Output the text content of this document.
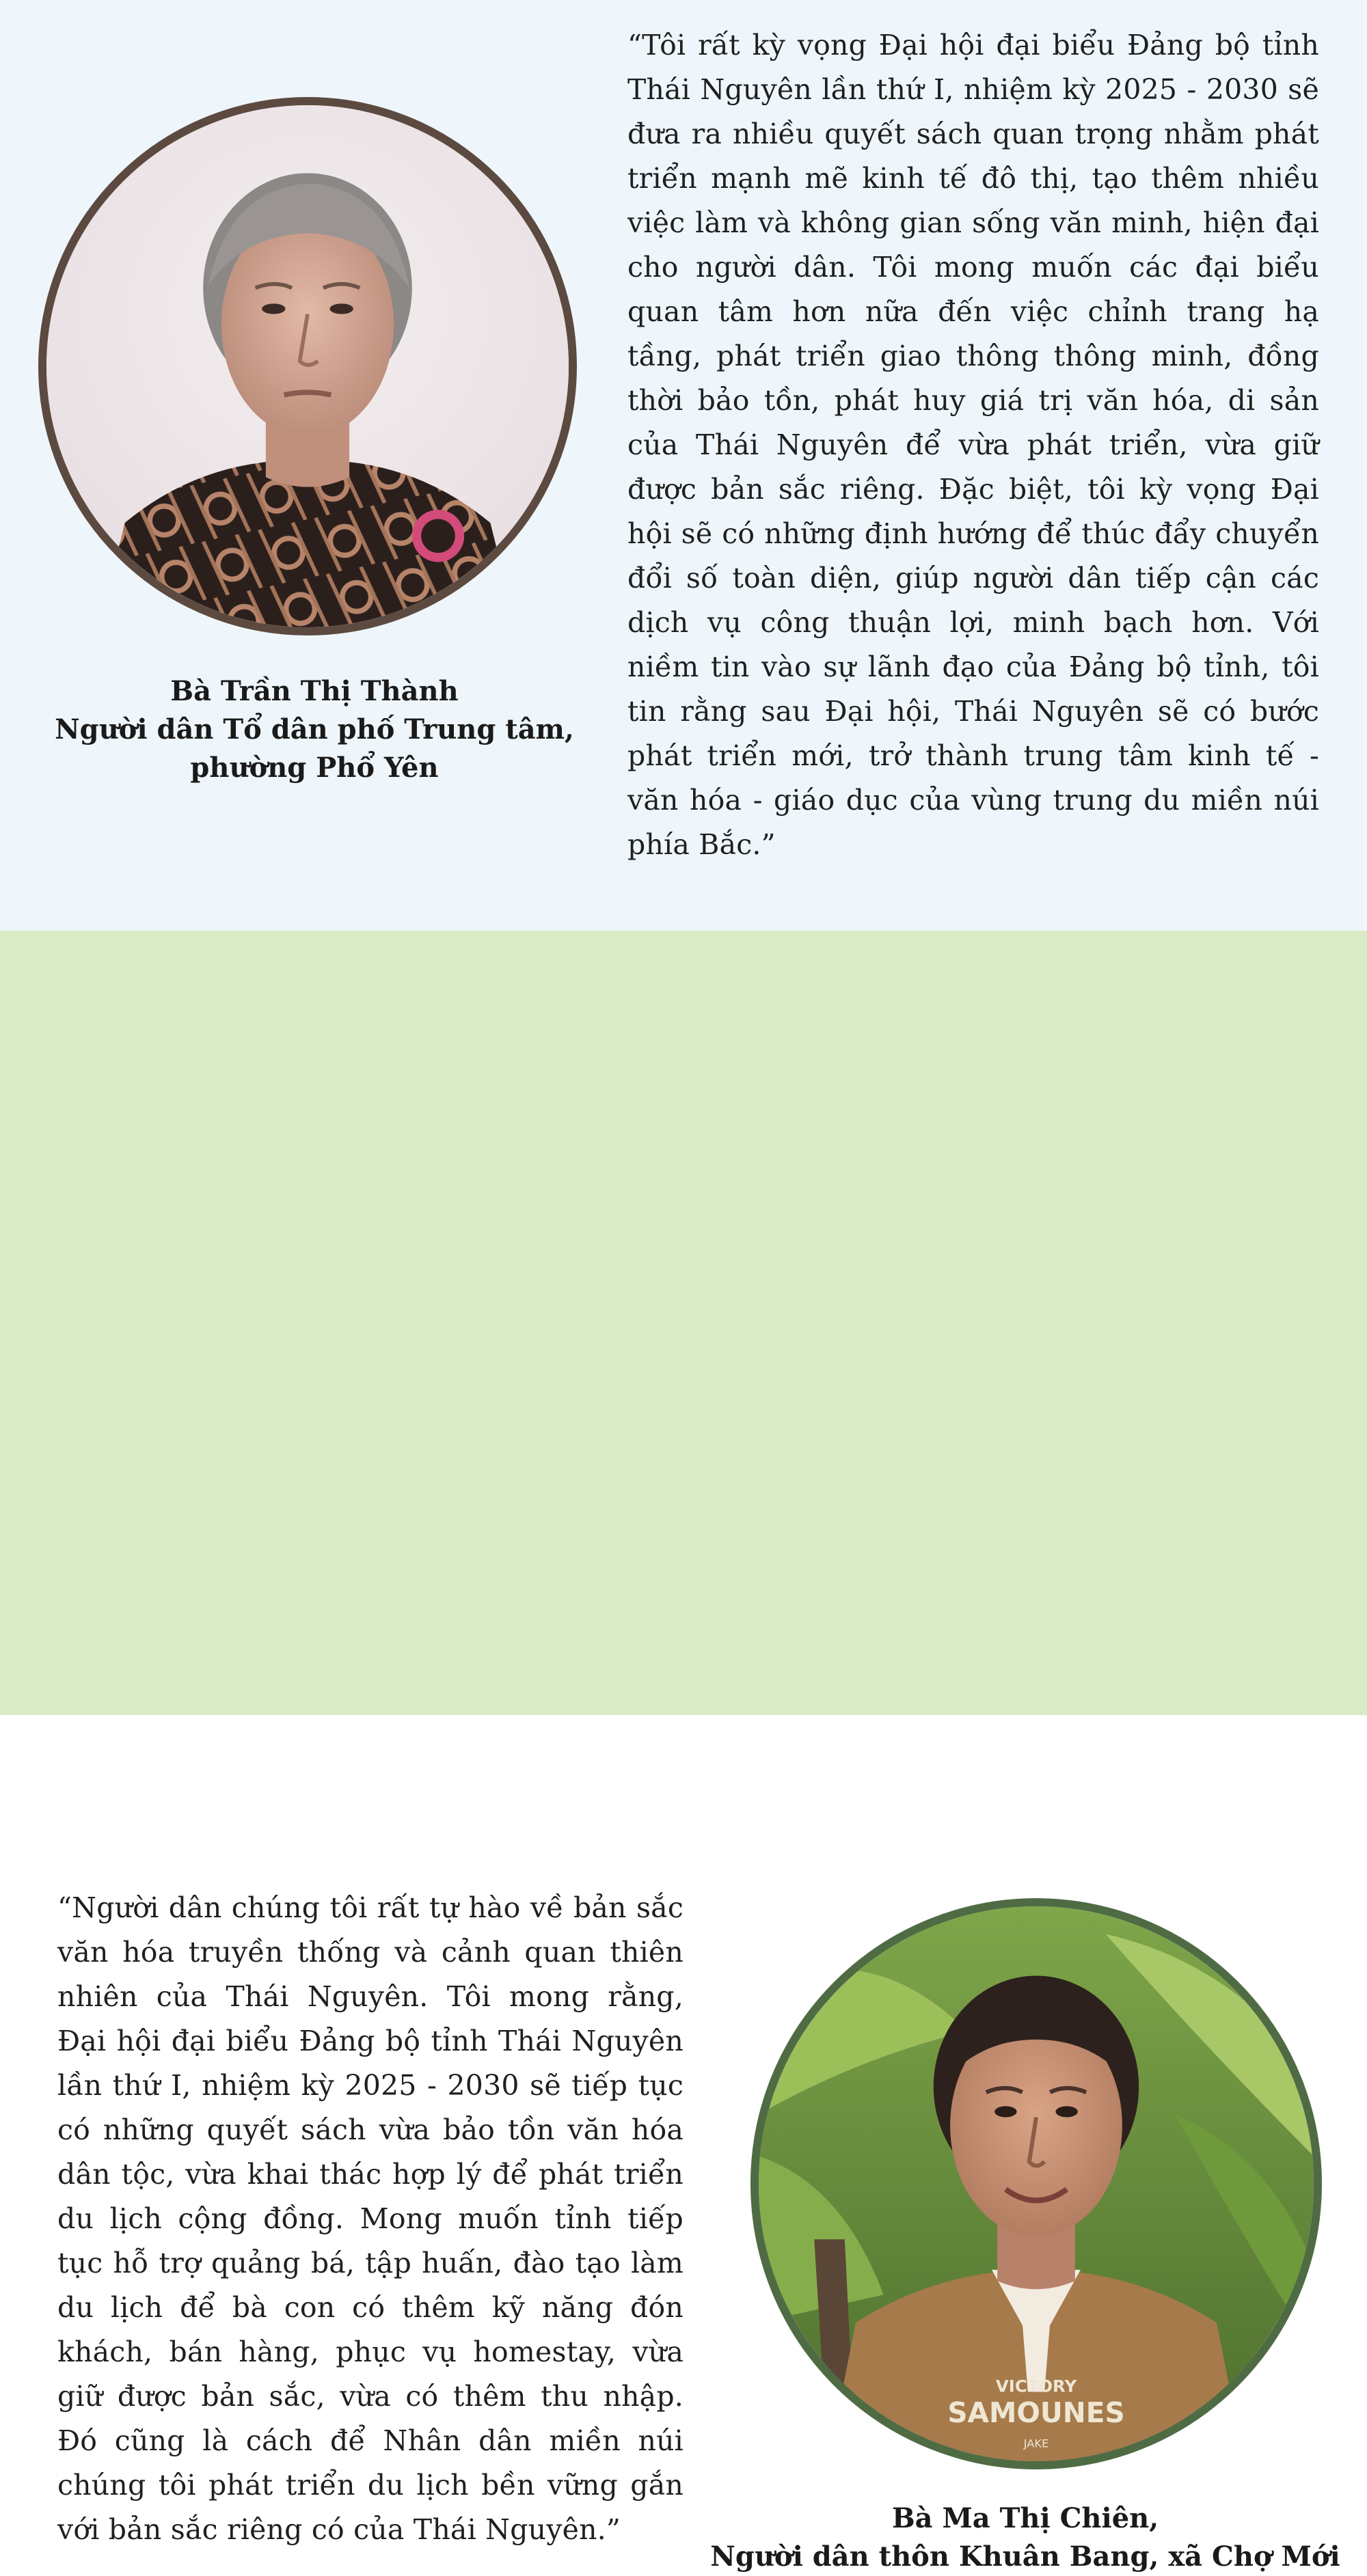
Bà Trần Thị Thành
Người dân Tổ dân phố Trung tâm,
phường Phổ Yên

“Tôi rất kỳ vọng Đại hội đại biểu Đảng bộ tỉnh Thái Nguyên lần thứ I, nhiệm kỳ 2025 - 2030 sẽ đưa ra nhiều quyết sách quan trọng nhằm phát triển mạnh mẽ kinh tế đô thị, tạo thêm nhiều việc làm và không gian sống văn minh, hiện đại cho người dân. Tôi mong muốn các đại biểu quan tâm hơn nữa đến việc chỉnh trang hạ tầng, phát triển giao thông thông minh, đồng thời bảo tồn, phát huy giá trị văn hóa, di sản của Thái Nguyên để vừa phát triển, vừa giữ được bản sắc riêng. Đặc biệt, tôi kỳ vọng Đại hội sẽ có những định hướng để thúc đẩy chuyển đổi số toàn diện, giúp người dân tiếp cận các dịch vụ công thuận lợi, minh bạch hơn. Với niềm tin vào sự lãnh đạo của Đảng bộ tỉnh, tôi tin rằng sau Đại hội, Thái Nguyên sẽ có bước phát triển mới, trở thành trung tâm kinh tế - văn hóa - giáo dục của vùng trung du miền núi phía Bắc.”

“Người dân chúng tôi rất tự hào về bản sắc văn hóa truyền thống và cảnh quan thiên nhiên của Thái Nguyên. Tôi mong rằng, Đại hội đại biểu Đảng bộ tỉnh Thái Nguyên lần thứ I, nhiệm kỳ 2025 - 2030 sẽ tiếp tục có những quyết sách vừa bảo tồn văn hóa dân tộc, vừa khai thác hợp lý để phát triển du lịch cộng đồng. Mong muốn tỉnh tiếp tục hỗ trợ quảng bá, tập huấn, đào tạo làm du lịch để bà con có thêm kỹ năng đón khách, bán hàng, phục vụ homestay, vừa giữ được bản sắc, vừa có thêm thu nhập. Đó cũng là cách để Nhân dân miền núi chúng tôi phát triển du lịch bền vững gắn với bản sắc riêng có của Thái Nguyên.”

VICTORY
SAMOUNES
JAKE
Bà Ma Thị Chiên,
Người dân thôn Khuân Bang, xã Chợ Mới
